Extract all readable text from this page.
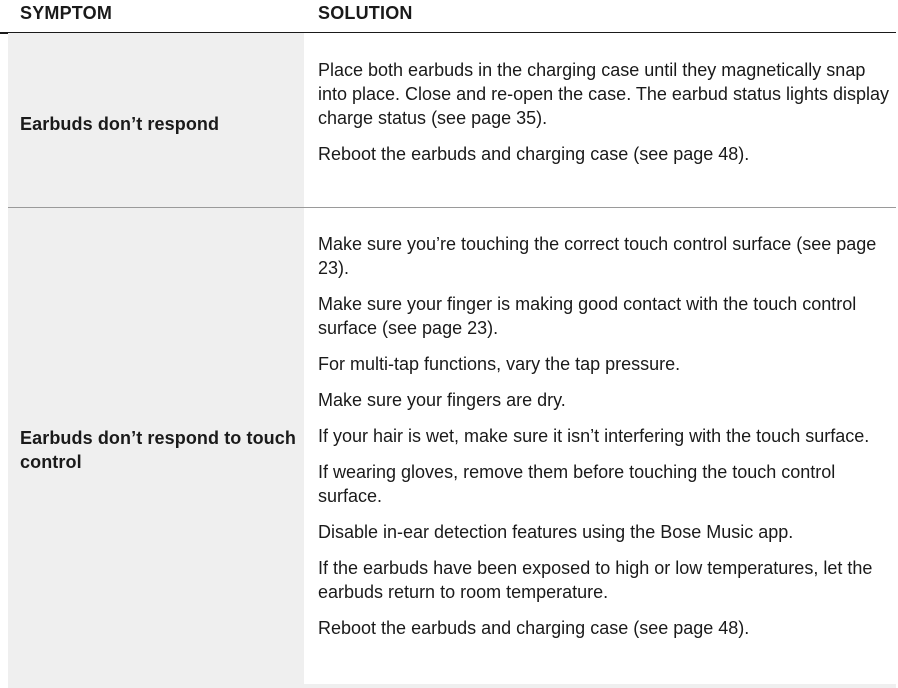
SYMPTOM	SOLUTION
Earbuds don’t respond
Place both earbuds in the charging case until they magnetically snap into place. Close and re-open the case. The earbud status lights display charge status (see page 35).
Reboot the earbuds and charging case (see page 48).
Earbuds don’t respond to touch control
Make sure you’re touching the correct touch control surface (see page 23).
Make sure your finger is making good contact with the touch control surface (see page 23).
For multi-tap functions, vary the tap pressure.
Make sure your fingers are dry.
If your hair is wet, make sure it isn’t interfering with the touch surface.
If wearing gloves, remove them before touching the touch control surface.
Disable in-ear detection features using the Bose Music app.
If the earbuds have been exposed to high or low temperatures, let the earbuds return to room temperature.
Reboot the earbuds and charging case (see page 48).
